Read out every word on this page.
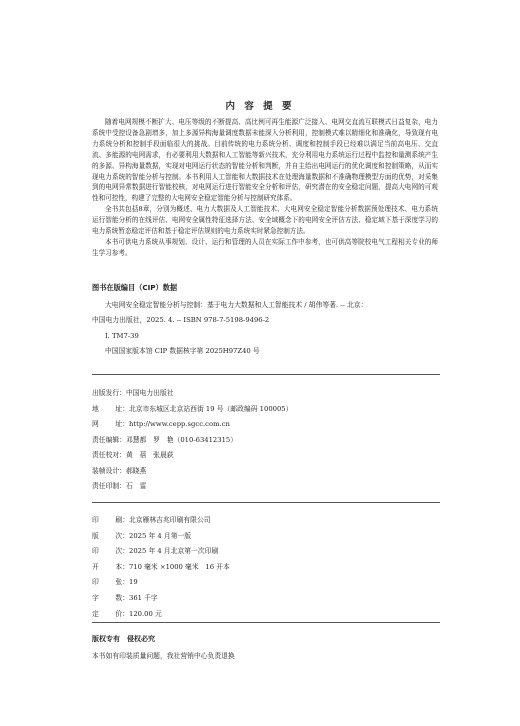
内 容 提 要

随着电网规模不断扩大、电压等级的不断提高、高比例可再生能源广泛接入、电网交直流互联模式日益复杂，电力系统中受控设备急剧增多，加上多源异构海量调度数据未能深入分析利用，控制模式难以精细化和准确化，导致现有电力系统分析和控制手段面临很大的挑战。目前传统的电力系统分析、调度和控制手段已经难以满足当前高电压、交直流、多能源的电网需求，有必要利用大数据和人工智能等新兴技术，充分利用电力系统运行过程中监控和量测系统产生的多源、异构海量数据，实现对电网运行状态的智能分析和判断，并自主给出电网运行的优化调度和控制策略，从而实现电力系统的智能分析与控制。本书利用人工智能和大数据技术在处理海量数据和不准确物理模型方面的优势，对采集到的电网异常数据进行智能校核，对电网运行进行智能安全分析和评估，研究潜在的安全稳定问题，提高大电网的可观性和可控性，构建了完整的大电网安全稳定智能分析与控制研究体系。

全书共包括8章，分别为概述、电力大数据及人工智能技术、大电网安全稳定智能分析数据预处理技术、电力系统运行智能分析的在线评估、电网安全属性特征选择方法、安全域概念下的电网安全评估方法、稳定域下基于深度学习的电力系统暂态稳定评估和基于稳定评估规则的电力系统实时紧急控制方法。

本书可供电力系统从事规划、设计、运行和管理的人员在实际工作中参考，也可供高等院校电气工程相关专业的师生学习参考。

图书在版编目（CIP）数据
大电网安全稳定智能分析与控制：基于电力大数据和人工智能技术 / 胡伟等著. -- 北京：
中国电力出版社，2025. 4. -- ISBN 978-7-5198-9496-2
Ⅰ. TM7-39
中国国家版本馆 CIP 数据核字第 2025H97Z40 号
出版发行： 中国电力出版社
地 址： 北京市东城区北京站西街 19 号（邮政编码 100005）
网 址： http://www.cepp.sgcc.com.cn
责任编辑： 邓慧都　罗　艳（010-63412315）
责任校对： 黄　蓓　张晨荻
装帧设计： 郝晓燕
责任印制： 石　雷
印 刷： 北京雁林吉兆印刷有限公司
版 次： 2025 年 4 月第一版
印 次： 2025 年 4 月北京第一次印刷
开 本： 710 毫米 ×1000 毫米　16 开本
印 张： 19
字 数： 361 千字
定 价： 120.00 元
版权专有　侵权必究
本书如有印装质量问题，我社营销中心负责退换
